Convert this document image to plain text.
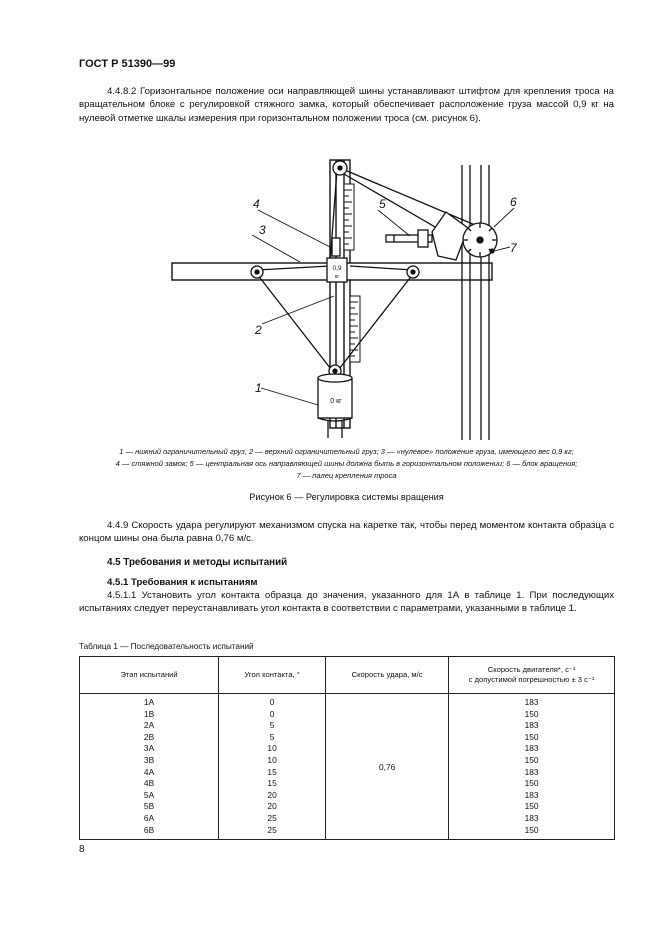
ГОСТ Р 51390—99
4.4.8.2 Горизонтальное положение оси направляющей шины устанавливают штифтом для крепления троса на вращательном блоке с регулировкой стяжного замка, который обеспечивает расположение груза массой 0,9 кг на нулевой отметке шкалы измерения при горизонтальном положении троса (см. рисунок 6).
0,9
кг
0 кг
4
3
2
1
5	6
7
1 — нижний ограничительный груз; 2 — верхний ограничительный груз; 3 — «нулевое» положение груза, имеющего вес 0,9 кг;
4 — стяжной замок; 5 — центральная ось направляющей шины должна быть в горизонтальном положении; 6 — блок вращения;
7 — палец крепления троса
Рисунок 6 — Регулировка системы вращения
4.4.9 Скорость удара регулируют механизмом спуска на каретке так, чтобы перед моментом контакта образца с концом шины она была равна 0,76 м/с.
4.5 Требования и методы испытаний
4.5.1 Требования к испытаниям
4.5.1.1 Установить угол контакта образца до значения, указанного для 1А в таблице 1. При последующих испытаниях следует переустанавливать угол контакта в соответствии с параметрами, указанными в таблице 1.
Таблица 1 — Последовательность испытаний
Этап испытаний	Угол контакта, °	Скорость удара, м/с	Скорость двигателя*, с⁻¹
с допустимой погрешностью ± 3 с⁻¹
1A	0	0,76	183
1B	0		150
2A	5		183
2B	5		150
3A	10		183
3B	10		150
4A	15		183
4B	15		150
5A	20		183
5B	20		150
6A	25		183
6B	25		150
8
